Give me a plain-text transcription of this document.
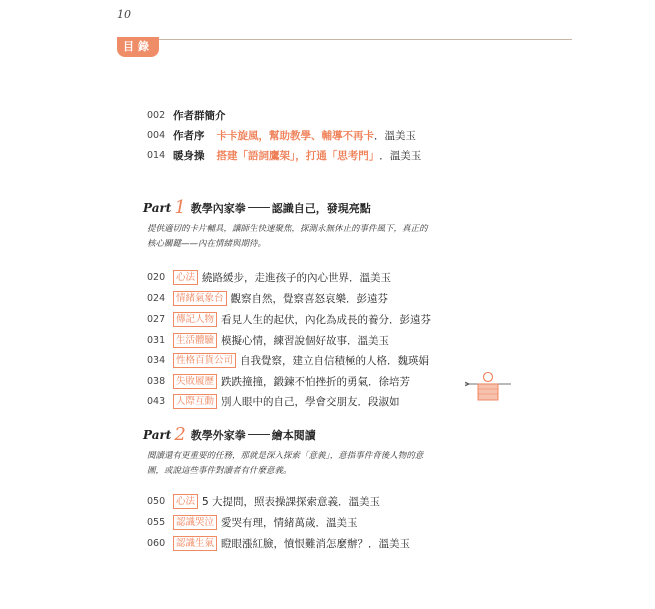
10
目錄
002 作者群簡介
004 作者序 卡卡旋風，幫助教學、輔導不再卡 ．溫美玉
014 暖身操 搭建「語詞鷹架」，打通「思考門」 ．溫美玉
Part 1 教學內家拳 認識自己，發現亮點
提供適切的卡片輔具，讓師生快速聚焦，探測永無休止的事件風下，真正的
核心關鍵——內在情緒與期待。
020	心法 繞路緩步，走進孩子的內心世界．溫美玉
024	情緒氣象台 觀察自然，覺察喜怒哀樂．彭遠芬
027	傳記人物 看見人生的起伏，內化為成長的養分．彭遠芬
031	生活體驗 模擬心情，練習說個好故事．溫美玉
034	性格百貨公司 自我覺察，建立自信積極的人格．魏瑛娟
038	失敗履歷 跌跌撞撞，鍛鍊不怕挫折的勇氣．徐培芳
043	人際互動 別人眼中的自己，學會交朋友．段淑如
Part 2 教學外家拳 繪本閱讀
閱讀還有更重要的任務，那就是深入探索「意義」，意指事件背後人物的意
圖，或說這些事件對讀者有什麼意義。
050	心法 5 大提問，照表操課探索意義．溫美玉
055	認識哭泣 愛哭有理，情緒萬歲．溫美玉
060	認識生氣 瞪眼漲紅臉，憤恨難消怎麼辦？．溫美玉
